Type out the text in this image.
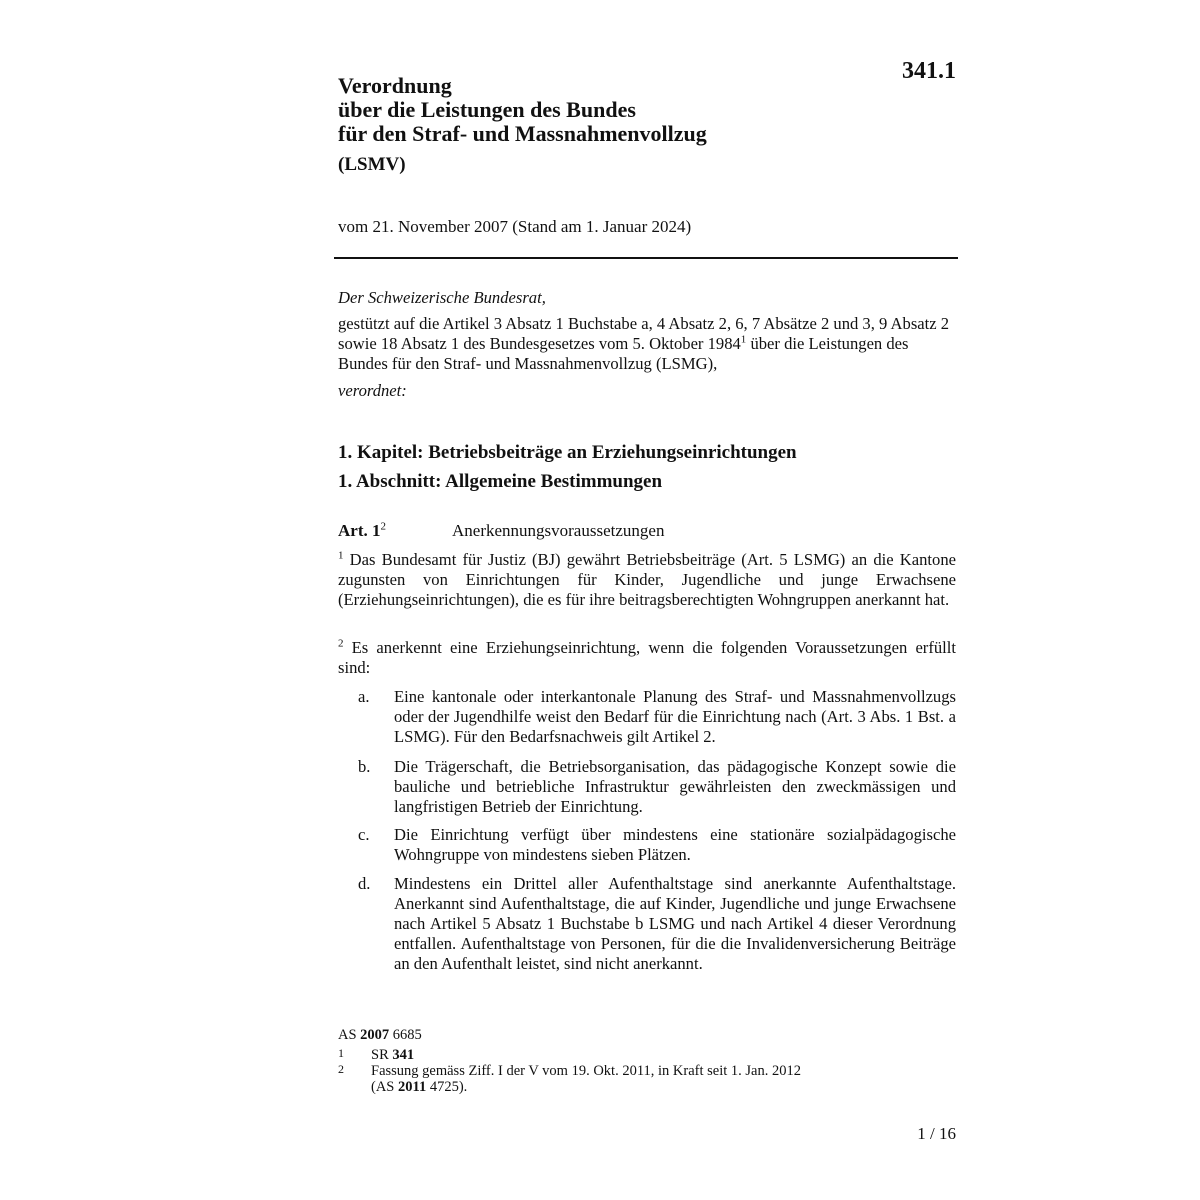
341.1
Verordnung
über die Leistungen des Bundes
für den Straf- und Massnahmenvollzug
(LSMV)
vom 21. November 2007 (Stand am 1. Januar 2024)
Der Schweizerische Bundesrat,
gestützt auf die Artikel 3 Absatz 1 Buchstabe a, 4 Absatz 2, 6, 7 Absätze 2 und 3, 9 Absatz 2 sowie 18 Absatz 1 des Bundesgesetzes vom 5. Oktober 1984$^1$ über die Leistungen des Bundes für den Straf- und Massnahmenvollzug (LSMG),
verordnet:
1. Kapitel: Betriebsbeiträge an Erziehungseinrichtungen
1. Abschnitt: Allgemeine Bestimmungen
Art. $1^2$	Anerkennungsvoraussetzungen
$^1$ Das Bundesamt für Justiz (BJ) gewährt Betriebsbeiträge (Art. 5 LSMG) an die Kantone zugunsten von Einrichtungen für Kinder, Jugendliche und junge Erwachsene (Erziehungseinrichtungen), die es für ihre beitragsberechtigten Wohngruppen anerkannt hat.
$^2$ Es anerkennt eine Erziehungseinrichtung, wenn die folgenden Voraussetzungen erfüllt sind:
a.	Eine kantonale oder interkantonale Planung des Straf- und Massnahmenvollzugs oder der Jugendhilfe weist den Bedarf für die Einrichtung nach (Art. 3 Abs. 1 Bst. a LSMG). Für den Bedarfsnachweis gilt Artikel 2.
b.	Die Trägerschaft, die Betriebsorganisation, das pädagogische Konzept sowie die bauliche und betriebliche Infrastruktur gewährleisten den zweckmässigen und langfristigen Betrieb der Einrichtung.
c.	Die Einrichtung verfügt über mindestens eine stationäre sozialpädagogische Wohngruppe von mindestens sieben Plätzen.
d.	Mindestens ein Drittel aller Aufenthaltstage sind anerkannte Aufenthaltstage. Anerkannt sind Aufenthaltstage, die auf Kinder, Jugendliche und junge Erwachsene nach Artikel 5 Absatz 1 Buchstabe b LSMG und nach Artikel 4 dieser Verordnung entfallen. Aufenthaltstage von Personen, für die die Invalidenversicherung Beiträge an den Aufenthalt leistet, sind nicht anerkannt.
AS 2007 6685
1	SR 341
2	Fassung gemäss Ziff. I der V vom 19. Okt. 2011, in Kraft seit 1. Jan. 2012
(AS 2011 4725).
1 / 16
